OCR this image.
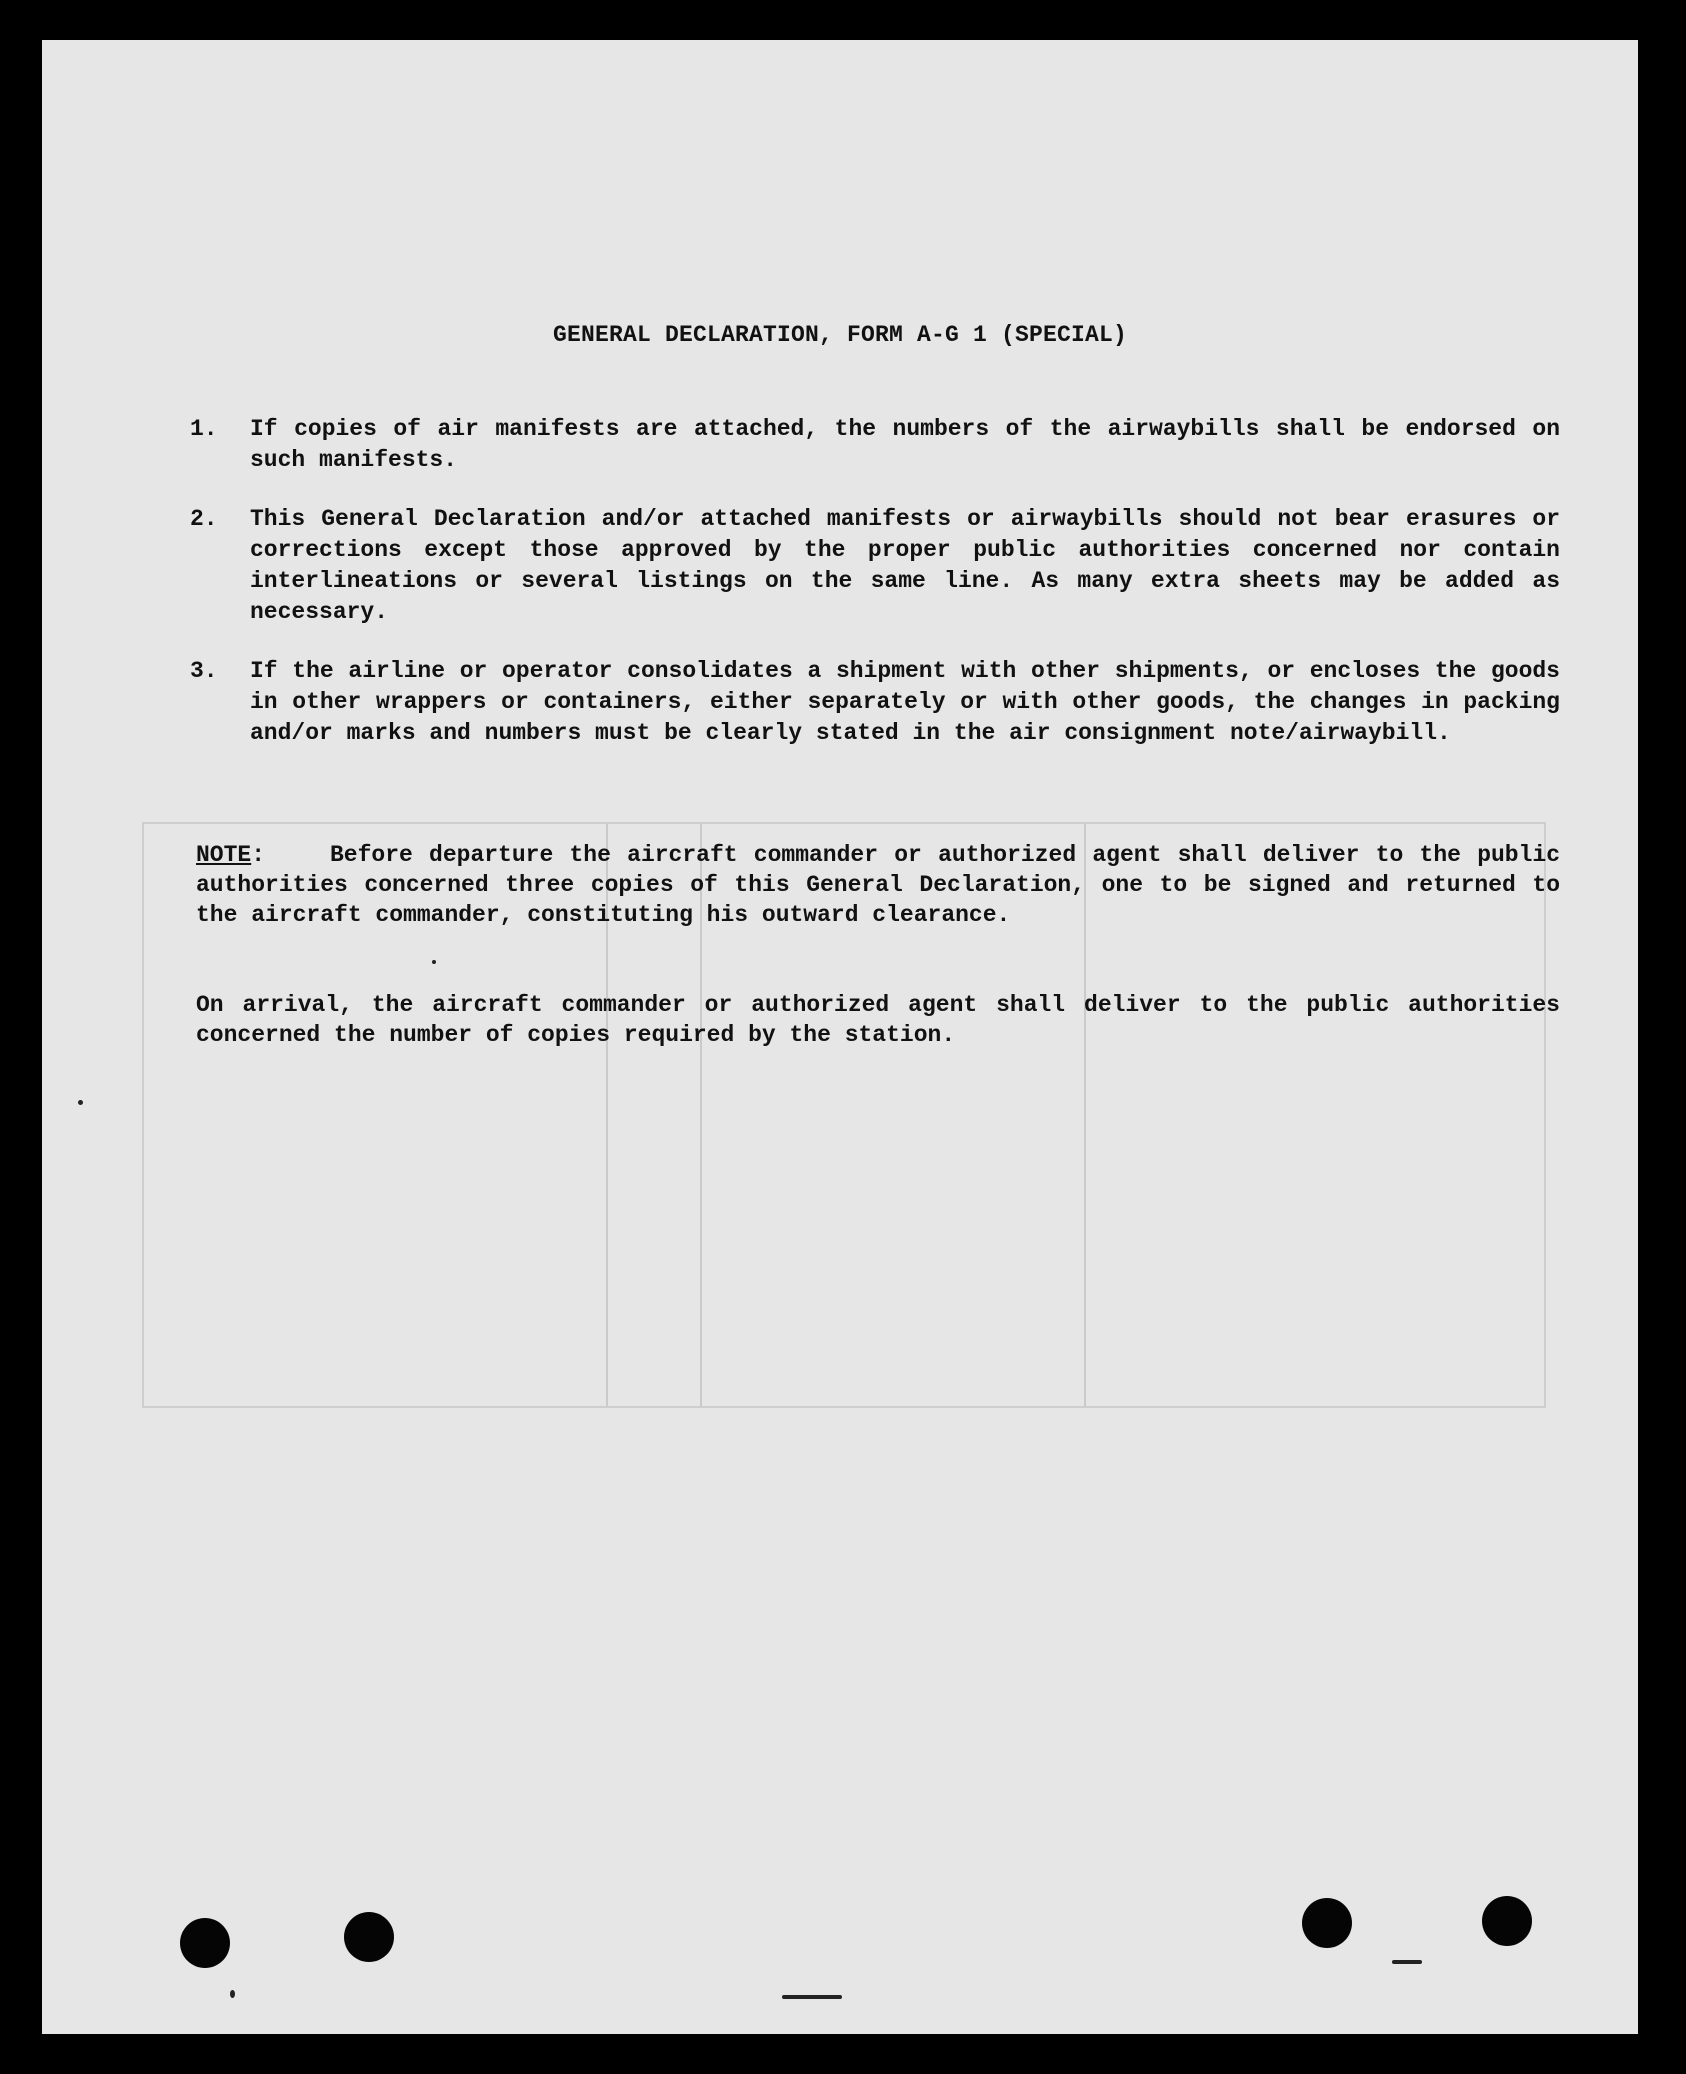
GENERAL DECLARATION, FORM A-G 1 (SPECIAL)
1.	If copies of air manifests are attached, the numbers of the airwaybills shall be endorsed on such manifests.
2.	This General Declaration and/or attached manifests or airwaybills should not bear erasures or corrections except those approved by the proper public authorities concerned nor contain interlineations or several listings on the same line. As many extra sheets may be added as necessary.
3.	If the airline or operator consolidates a shipment with other shipments, or encloses the goods in other wrappers or containers, either separately or with other goods, the changes in packing and/or marks and numbers must be clearly stated in the air consignment note/airwaybill.
NOTE:    Before departure the aircraft commander or authorized agent shall deliver to the public authorities concerned three copies of this General Declaration, one to be signed and returned to the aircraft commander, constituting his outward clearance.
On arrival, the aircraft commander or authorized agent shall deliver to the public authorities concerned the number of copies required by the station.
